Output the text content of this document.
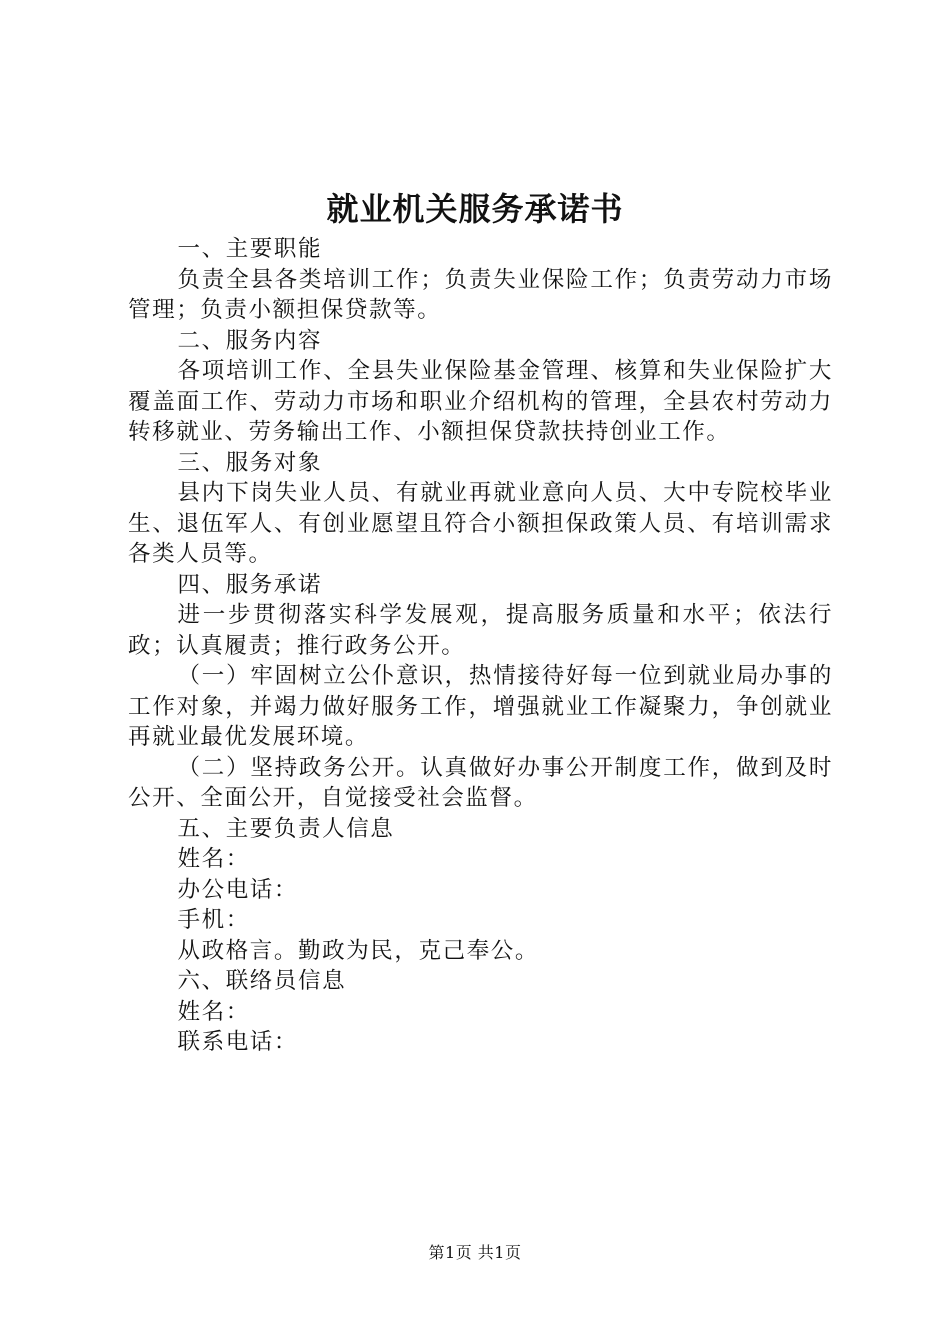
就业机关服务承诺书

一、主要职能

负责全县各类培训工作；负责失业保险工作；负责劳动力市场管理；负责小额担保贷款等。

二、服务内容

各项培训工作、全县失业保险基金管理、核算和失业保险扩大覆盖面工作、劳动力市场和职业介绍机构的管理，全县农村劳动力转移就业、劳务输出工作、小额担保贷款扶持创业工作。

三、服务对象

县内下岗失业人员、有就业再就业意向人员、大中专院校毕业生、退伍军人、有创业愿望且符合小额担保政策人员、有培训需求各类人员等。

四、服务承诺

进一步贯彻落实科学发展观，提高服务质量和水平；依法行政；认真履责；推行政务公开。

（一）牢固树立公仆意识，热情接待好每一位到就业局办事的工作对象，并竭力做好服务工作，增强就业工作凝聚力，争创就业再就业最优发展环境。

（二）坚持政务公开。认真做好办事公开制度工作，做到及时公开、全面公开，自觉接受社会监督。

五、主要负责人信息

姓名：

办公电话：

手机：

从政格言。勤政为民，克己奉公。

六、联络员信息

姓名：

联系电话：

第1页 共1页
